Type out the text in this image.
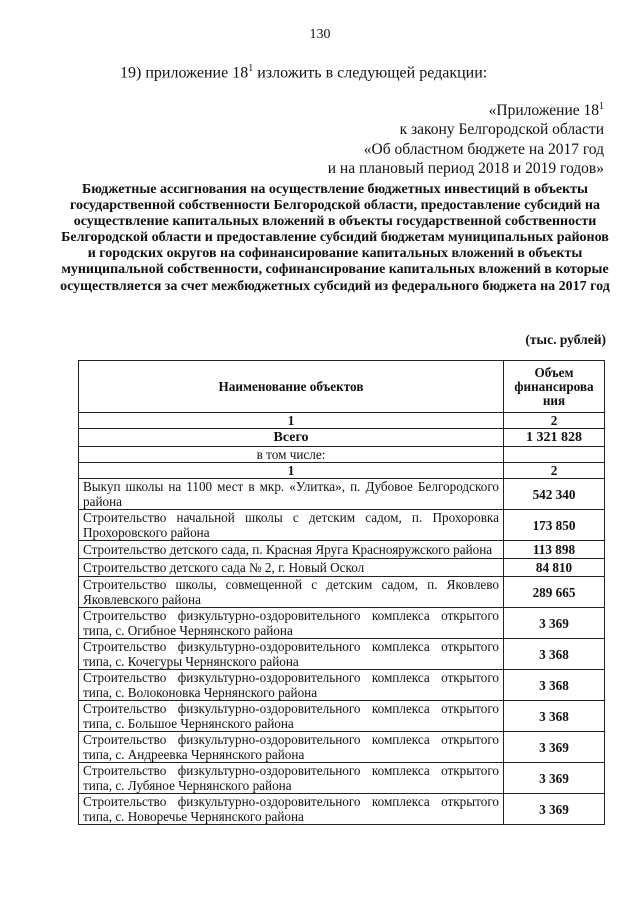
130
19) приложение $18^1$ изложить в следующей редакции:
«Приложение $18^1$
к закону Белгородской области
«Об областном бюджете на 2017 год
и на плановый период 2018 и 2019 годов»
Бюджетные ассигнования на осуществление бюджетных инвестиций в объекты государственной собственности Белгородской области, предоставление субсидий на осуществление капитальных вложений в объекты государственной собственности Белгородской области и предоставление субсидий бюджетам муниципальных районов и городских округов на софинансирование капитальных вложений в объекты муниципальной собственности, софинансирование капитальных вложений в которые осуществляется за счет межбюджетных субсидий из федерального бюджета на 2017 год
(тыс. рублей)
Наименование объектов	Объем финансирова ния
1	2
Всего	1 321 828
в том числе:	
1	2
Выкуп школы на 1100 мест в мкр. «Улитка», п. Дубовое Белгородского района	542 340
Строительство начальной школы с детским садом, п. Прохоровка Прохоровского района	173 850
Строительство детского сада, п. Красная Яруга Краснояружского района	113 898
Строительство детского сада № 2, г. Новый Оскол	84 810
Строительство школы, совмещенной с детским садом, п. Яковлево Яковлевского района	289 665
Строительство физкультурно-оздоровительного комплекса открытого типа, с. Огибное Чернянского района	3 369
Строительство физкультурно-оздоровительного комплекса открытого типа, с. Кочегуры Чернянского района	3 368
Строительство физкультурно-оздоровительного комплекса открытого типа, с. Волоконовка Чернянского района	3 368
Строительство физкультурно-оздоровительного комплекса открытого типа, с. Большое Чернянского района	3 368
Строительство физкультурно-оздоровительного комплекса открытого типа, с. Андреевка Чернянского района	3 369
Строительство физкультурно-оздоровительного комплекса открытого типа, с. Лубяное Чернянского района	3 369
Строительство физкультурно-оздоровительного комплекса открытого типа, с. Новоречье Чернянского района	3 369
